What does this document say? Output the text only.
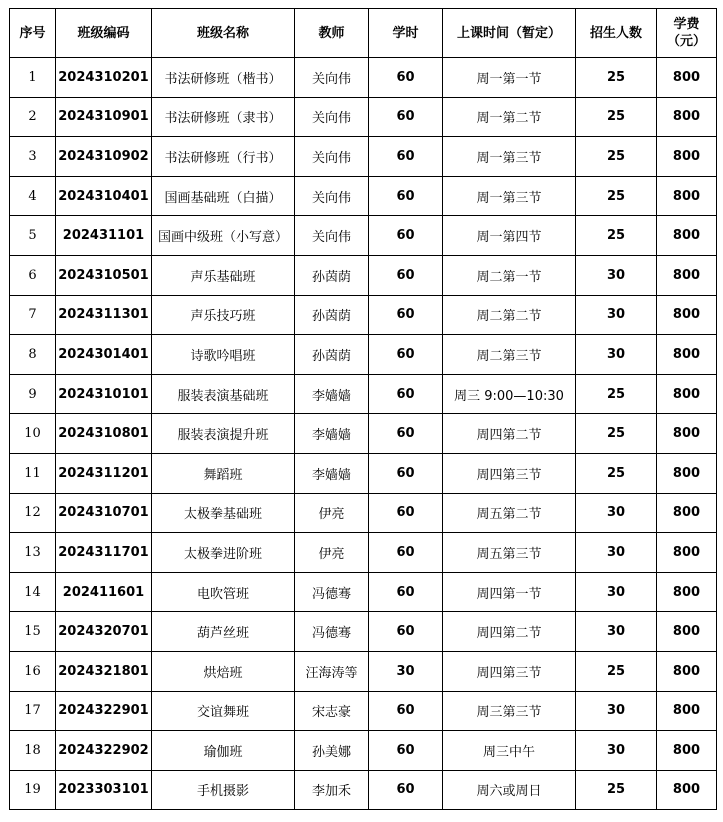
序号	班级编码	班级名称	教师	学时	上课时间（暂定）	招生人数	学费
（元）
1	2024310201	书法研修班（楷书）	关向伟	60	周一第一节	25	800
2	2024310901	书法研修班（隶书）	关向伟	60	周一第二节	25	800
3	2024310902	书法研修班（行书）	关向伟	60	周一第三节	25	800
4	2024310401	国画基础班（白描）	关向伟	60	周一第三节	25	800
5	202431101	国画中级班（小写意）	关向伟	60	周一第四节	25	800
6	2024310501	声乐基础班	孙茵荫	60	周二第一节	30	800
7	2024311301	声乐技巧班	孙茵荫	60	周二第二节	30	800
8	2024301401	诗歌吟唱班	孙茵荫	60	周二第三节	30	800
9	2024310101	服装表演基础班	李嫱嫱	60	周三 9:00—10:30	25	800
10	2024310801	服装表演提升班	李嫱嫱	60	周四第二节	25	800
11	2024311201	舞蹈班	李嫱嫱	60	周四第三节	25	800
12	2024310701	太极拳基础班	伊亮	60	周五第二节	30	800
13	2024311701	太极拳进阶班	伊亮	60	周五第三节	30	800
14	202411601	电吹管班	冯德骞	60	周四第一节	30	800
15	2024320701	葫芦丝班	冯德骞	60	周四第二节	30	800
16	2024321801	烘焙班	汪海涛等	30	周四第三节	25	800
17	2024322901	交谊舞班	宋志豪	60	周三第三节	30	800
18	2024322902	瑜伽班	孙美娜	60	周三中午	30	800
19	2023303101	手机摄影	李加禾	60	周六或周日	25	800
